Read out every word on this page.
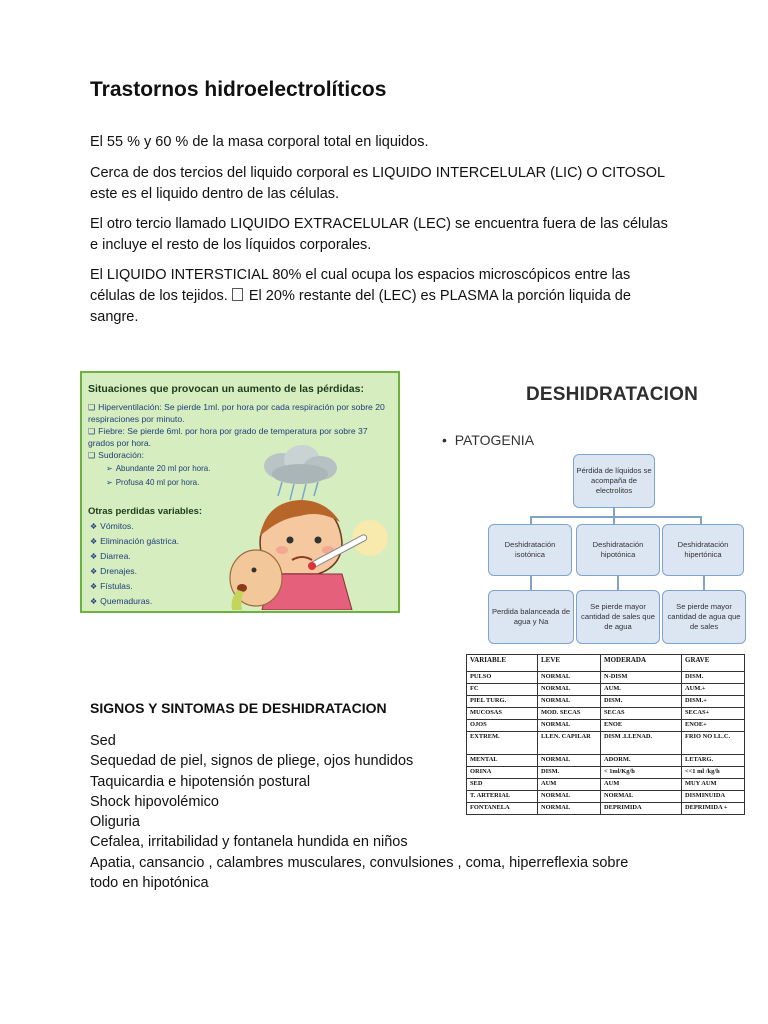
Trastornos hidroelectrolíticos

El 55 % y 60 % de la masa corporal total en liquidos.

Cerca de dos tercios del liquido corporal es LIQUIDO INTERCELULAR (LIC) O CITOSOL este es el liquido dentro de las células.

El otro tercio llamado LIQUIDO EXTRACELULAR (LEC) se encuentra fuera de las células e incluye el resto de los líquidos corporales.

El LIQUIDO INTERSTICIAL 80% el cual ocupa los espacios microscópicos entre las células de los tejidos. El 20% restante del (LEC) es PLASMA la porción liquida de sangre.

Situaciones que provocan un aumento de las pérdidas:
❑ Hiperventilación: Se pierde 1ml. por hora por cada respiración por sobre 20 respiraciones por minuto.
❑ Fiebre: Se pierde 6ml. por hora por grado de temperatura por sobre 37 grados por hora.
❑ Sudoración:
➢ Abundante 20 ml por hora.
➢ Profusa 40 ml por hora.
Otras perdidas variables:
❖ Vómitos.
❖ Eliminación gástrica.
❖ Diarrea.
❖ Drenajes.
❖ Fístulas.
❖ Quemaduras.
DESHIDRATACION
• PATOGENIA
Pérdida de líquidos se acompaña de electrolitos
Deshidratación isotónica
Deshidratación hipotónica
Deshidratación hipertónica
Perdida balanceada de agua y Na
Se pierde mayor cantidad de sales que de agua
Se pierde mayor cantidad de agua que de sales
VARIABLE	LEVE	MODERADA	GRAVE
PULSO	NORMAL	N-DISM	DISM.
FC	NORMAL	AUM.	AUM.+
PIEL TURG.	NORMAL	DISM.	DISM.+
MUCOSAS	MOD. SECAS	SECAS	SECAS+
OJOS	NORMAL	ENOE	ENOE+
EXTREM.	LLEN. CAPILAR	DISM .LLENAD.	FRIO NO LL.C.
MENTAL	NORMAL	ADORM.	LETARG.
ORINA	DISM.	< 1ml/Kg/h	<<1 ml /kg/h
SED	AUM	AUM	MUY AUM
T. ARTERIAL	NORMAL	NORMAL	DISMINUIDA
FONTANELA	NORMAL	DEPRIMIDA	DEPRIMIDA +
SIGNOS Y SINTOMAS DE DESHIDRATACION
Sed
Sequedad de piel, signos de pliege, ojos hundidos
Taquicardia e hipotensión postural
Shock hipovolémico
Oliguria
Cefalea, irritabilidad y fontanela hundida en niños
Apatia, cansancio , calambres musculares, convulsiones , coma, hiperreflexia sobre todo en hipotónica
